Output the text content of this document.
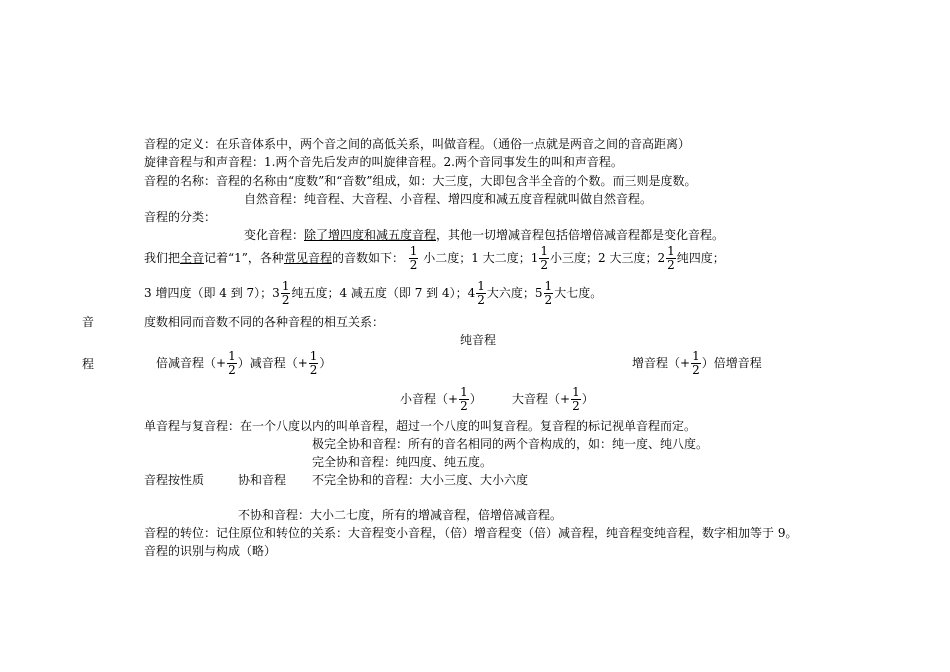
音程的定义：在乐音体系中，两个音之间的高低关系，叫做音程。（通俗一点就是两音之间的音高距离）
旋律音程与和声音程：1.两个音先后发声的叫旋律音程。2.两个音同事发生的叫和声音程。
音程的名称：音程的名称由“度数”和“音数”组成，如：大三度，大即包含半全音的个数。而三则是度数。
自然音程：纯音程、大音程、小音程、增四度和减五度音程就叫做自然音程。
音程的分类：
变化音程：除了增四度和减五度音程，其他一切增减音程包括倍增倍减音程都是变化音程。
我们把全音记着“1”，各种常见音程的音数如下： $\frac{1}{2}$ 小二度；1 大二度；$1 \frac{1}{2}$ 小三度；2 大三度；$2 \frac{1}{2}$ 纯四度；
3 增四度（即 4 到 7）；$3 \frac{1}{2}$ 纯五度；4 减五度（即 7 到 4）；$4 \frac{1}{2}$ 大六度；$5 \frac{1}{2}$ 大七度。
音	度数相同而音数不同的各种音程的相互关系：
纯音程
程	倍减音程（+ $\frac{1}{2}$ ）减音程（+ $\frac{1}{2}$ ）	增音程（+ $\frac{1}{2}$ ）倍增音程
小音程（+ $\frac{1}{2}$ ）	大音程（+ $\frac{1}{2}$ ）
单音程与复音程：在一个八度以内的叫单音程，超过一个八度的叫复音程。复音程的标记视单音程而定。
极完全协和音程：所有的音名相同的两个音构成的，如：纯一度、纯八度。
完全协和音程：纯四度、纯五度。
音程按性质	协和音程 不完全协和的音程：大小三度、大小六度
不协和音程：大小二七度，所有的增减音程，倍增倍减音程。
音程的转位：记住原位和转位的关系：大音程变小音程，（倍）增音程变（倍）减音程，纯音程变纯音程，数字相加等于 9。
音程的识别与构成（略）
